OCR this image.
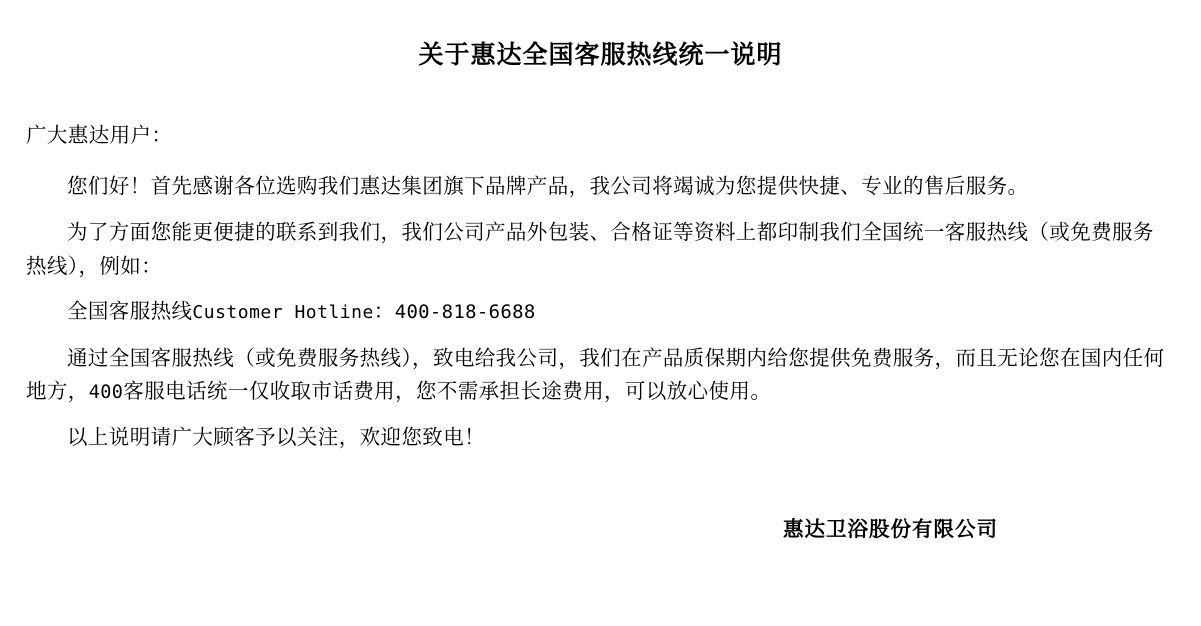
关于惠达全国客服热线统一说明

广大惠达用户：

您们好！首先感谢各位选购我们惠达集团旗下品牌产品，我公司将竭诚为您提供快捷、专业的售后服务。

为了方面您能更便捷的联系到我们，我们公司产品外包装、合格证等资料上都印制我们全国统一客服热线（或免费服务热线），例如：

全国客服热线Customer Hotline：400-818-6688

通过全国客服热线（或免费服务热线），致电给我公司，我们在产品质保期内给您提供免费服务，而且无论您在国内任何地方，400客服电话统一仅收取市话费用，您不需承担长途费用，可以放心使用。

以上说明请广大顾客予以关注，欢迎您致电！

惠达卫浴股份有限公司
